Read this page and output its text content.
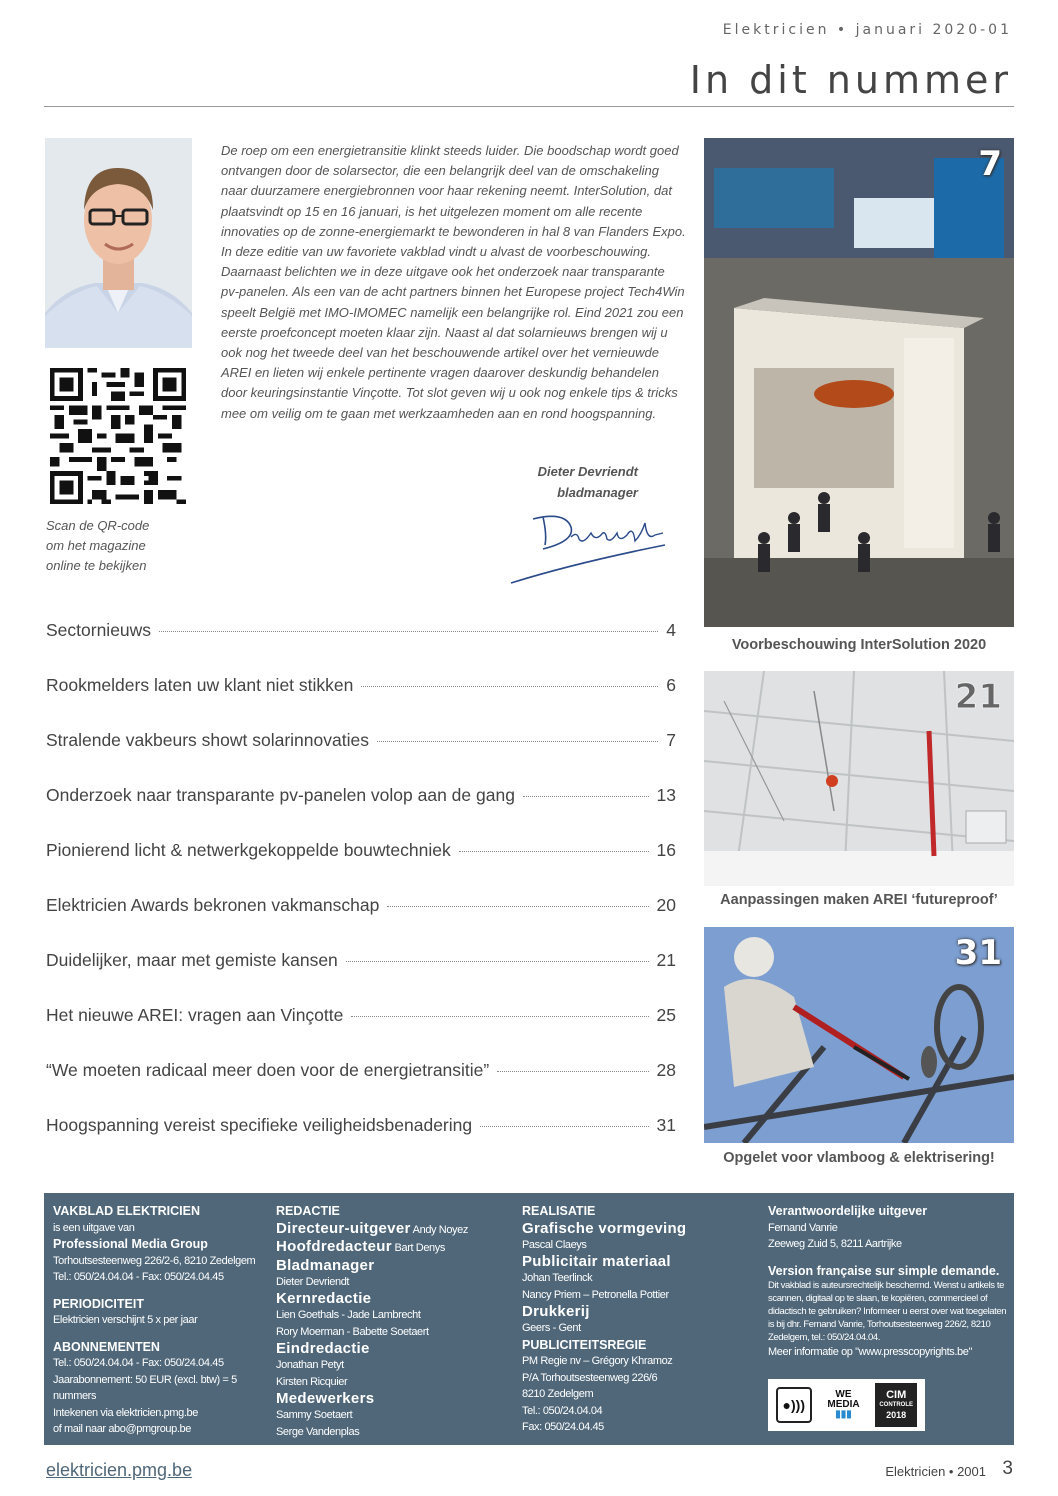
Elektricien • januari 2020-01
In dit nummer
Scan de QR-code
om het magazine
online te bekijken

De roep om een energietransitie klinkt steeds luider. Die boodschap wordt goed ontvangen door de solarsector, die een belangrijk deel van de omschakeling naar duurzamere energiebronnen voor haar rekening neemt. InterSolution, dat plaatsvindt op 15 en 16 januari, is het uitgelezen moment om alle recente innovaties op de zonne-energiemarkt te bewonderen in hal 8 van Flanders Expo. In deze editie van uw favoriete vakblad vindt u alvast de voorbeschouwing. Daarnaast belichten we in deze uitgave ook het onderzoek naar transparante pv-panelen. Als een van de acht partners binnen het Europese project Tech4Win speelt België met IMO-IMOMEC namelijk een belangrijke rol. Eind 2021 zou een eerste proefconcept moeten klaar zijn. Naast al dat solarnieuws brengen wij u ook nog het tweede deel van het beschouwende artikel over het vernieuwde AREI en lieten wij enkele pertinente vragen daarover deskundig behandelen door keuringsinstantie Vinçotte. Tot slot geven wij u ook nog enkele tips & tricks mee om veilig om te gaan met werkzaamheden aan en rond hoogspanning.

Dieter Devriendt
bladmanager
Sectornieuws	4
Rookmelders laten uw klant niet stikken	6
Stralende vakbeurs showt solarinnovaties	7
Onderzoek naar transparante pv-panelen volop aan de gang	13
Pionierend licht & netwerkgekoppelde bouwtechniek	16
Elektricien Awards bekronen vakmanschap	20
Duidelijker, maar met gemiste kansen	21
Het nieuwe AREI: vragen aan Vinçotte	25
“We moeten radicaal meer doen voor de energietransitie”	28
Hoogspanning vereist specifieke veiligheidsbenadering	31
7
Voorbeschouwing InterSolution 2020
21
Aanpassingen maken AREI ‘futureproof’
31
Opgelet voor vlamboog & elektrisering!
VAKBLAD ELEKTRICIEN
is een uitgave van
Professional Media Group
Torhoutsesteenweg 226/2-6, 8210 Zedelgem
Tel.: 050/24.04.04 - Fax: 050/24.04.45
PERIODICITEIT
Elektricien verschijnt 5 x per jaar
ABONNEMENTEN
Tel.: 050/24.04.04 - Fax: 050/24.04.45
Jaarabonnement: 50 EUR (excl. btw) = 5 nummers
Intekenen via elektricien.pmg.be
of mail naar abo@pmgroup.be
REDACTIE
Directeur-uitgever Andy Noyez
Hoofdredacteur Bart Denys
Bladmanager
Dieter Devriendt
Kernredactie
Lien Goethals - Jade Lambrecht
Rory Moerman - Babette Soetaert
Eindredactie
Jonathan Petyt
Kirsten Ricquier
Medewerkers
Sammy Soetaert
Serge Vandenplas
REALISATIE
Grafische vormgeving
Pascal Claeys
Publicitair materiaal
Johan Teerlinck
Nancy Priem – Petronella Pottier
Drukkerij
Geers - Gent
PUBLICITEITSREGIE
PM Regie nv – Grégory Khramoz
P/A Torhoutsesteenweg 226/6
8210 Zedelgem
Tel.: 050/24.04.04
Fax: 050/24.04.45
Verantwoordelijke uitgever
Fernand Vanrie
Zeeweg Zuid 5, 8211 Aartrijke
Version française sur simple demande.
Dit vakblad is auteursrechtelijk beschermd. Wenst u artikels te scannen, digitaal op te slaan, te kopiëren, commercieel of didactisch te gebruiken? Informeer u eerst over wat toegelaten is bij dhr. Fernand Vanrie, Torhoutsesteenweg 226/2, 8210 Zedelgem, tel.: 050/24.04.04.
Meer informatie op "www.presscopyrights.be"
●)))
WE
MEDIA
▮▮▮
CIM
CONTROLE
2018
elektricien.pmg.be	Elektricien • 2001 3
